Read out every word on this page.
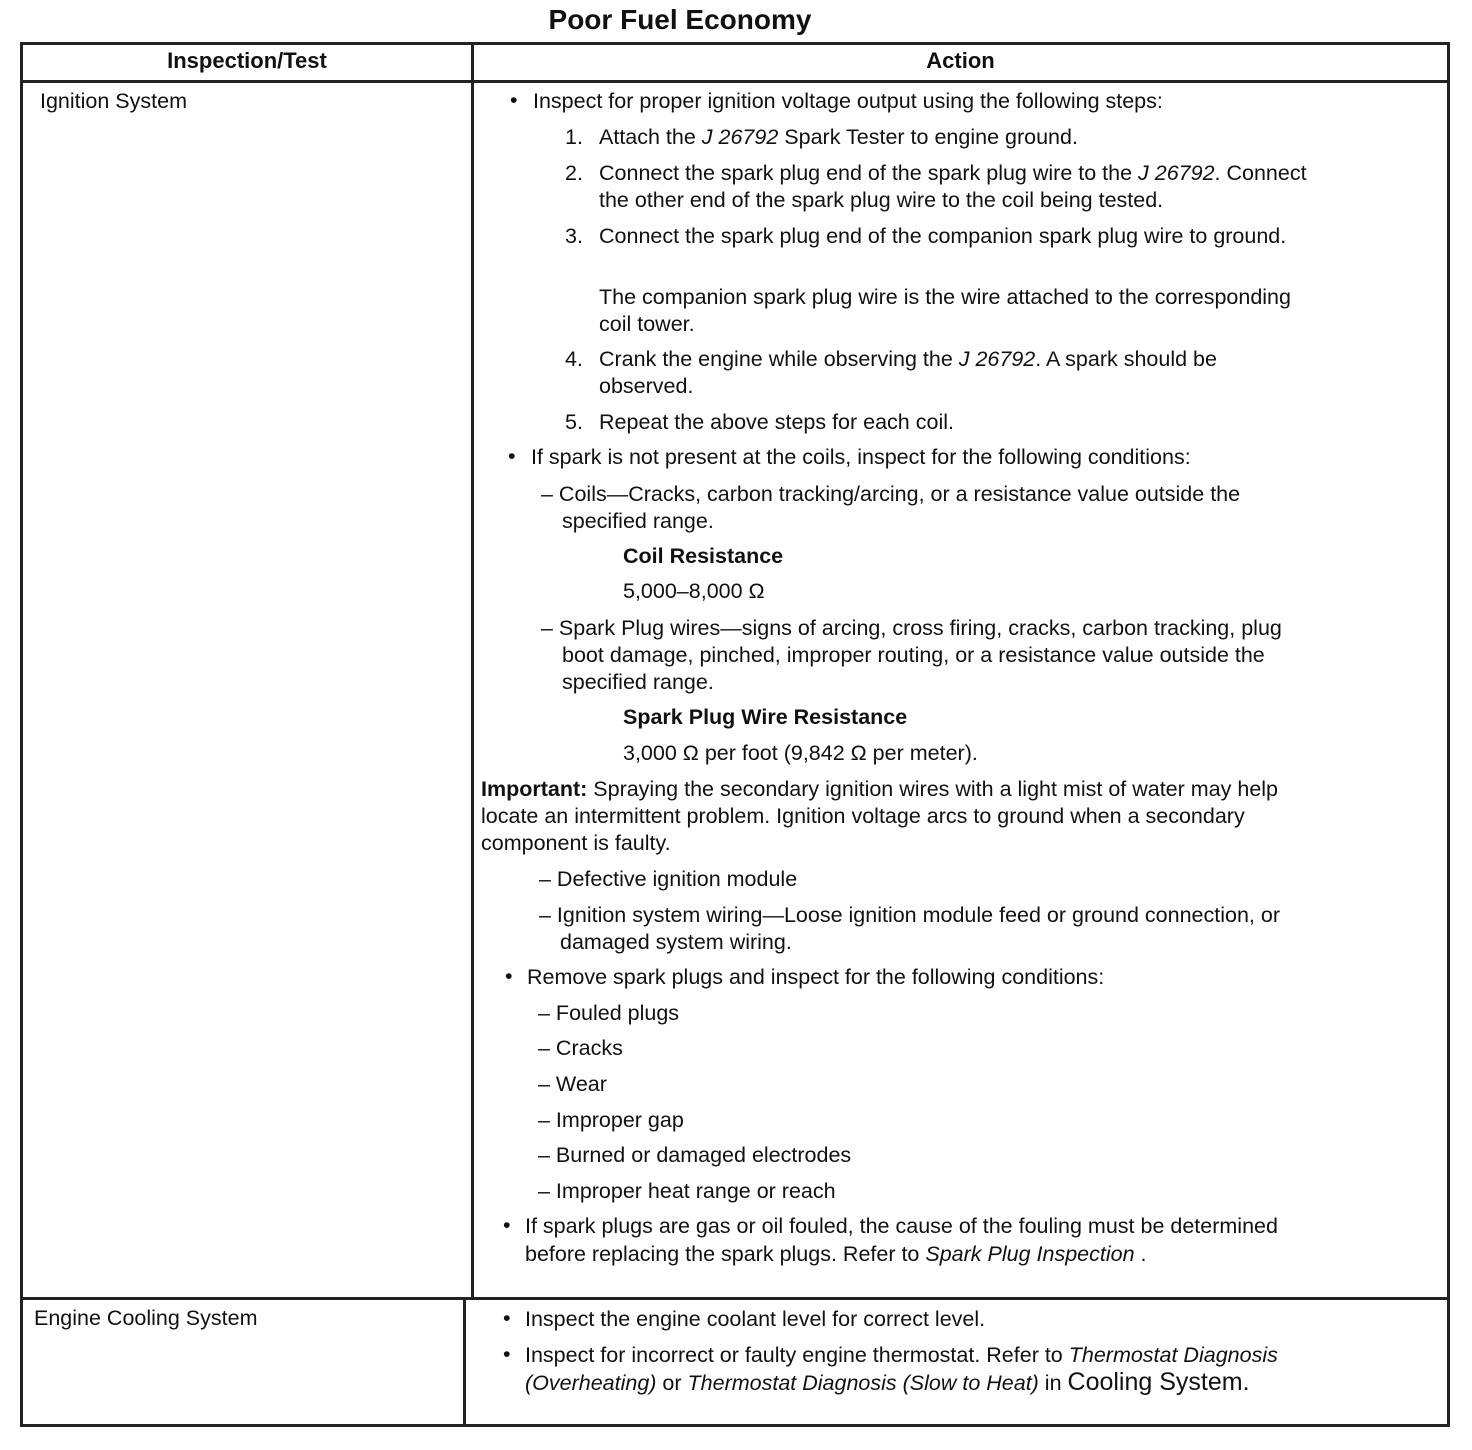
Poor Fuel Economy
Inspection/Test	Action
Ignition System	• Inspect for proper ignition voltage output using the following steps:
1. Attach the J 26792 Spark Tester to engine ground.
2. Connect the spark plug end of the spark plug wire to the J 26792. Connect
the other end of the spark plug wire to the coil being tested.
3. Connect the spark plug end of the companion spark plug wire to ground.
The companion spark plug wire is the wire attached to the corresponding
coil tower.
4. Crank the engine while observing the J 26792. A spark should be
observed.
5. Repeat the above steps for each coil.
• If spark is not present at the coils, inspect for the following conditions:
– Coils—Cracks, carbon tracking/arcing, or a resistance value outside the
specified range.
Coil Resistance
5,000–8,000 Ω
– Spark Plug wires—signs of arcing, cross firing, cracks, carbon tracking, plug
boot damage, pinched, improper routing, or a resistance value outside the
specified range.
Spark Plug Wire Resistance
3,000 Ω per foot (9,842 Ω per meter).
Important: Spraying the secondary ignition wires with a light mist of water may help
locate an intermittent problem. Ignition voltage arcs to ground when a secondary
component is faulty.
– Defective ignition module
– Ignition system wiring—Loose ignition module feed or ground connection, or
damaged system wiring.
• Remove spark plugs and inspect for the following conditions:
– Fouled plugs
– Cracks
– Wear
– Improper gap
– Burned or damaged electrodes
– Improper heat range or reach
• If spark plugs are gas or oil fouled, the cause of the fouling must be determined
before replacing the spark plugs. Refer to Spark Plug Inspection .
Engine Cooling System	• Inspect the engine coolant level for correct level.
• Inspect for incorrect or faulty engine thermostat. Refer to Thermostat Diagnosis
(Overheating) or Thermostat Diagnosis (Slow to Heat) in Cooling System.
